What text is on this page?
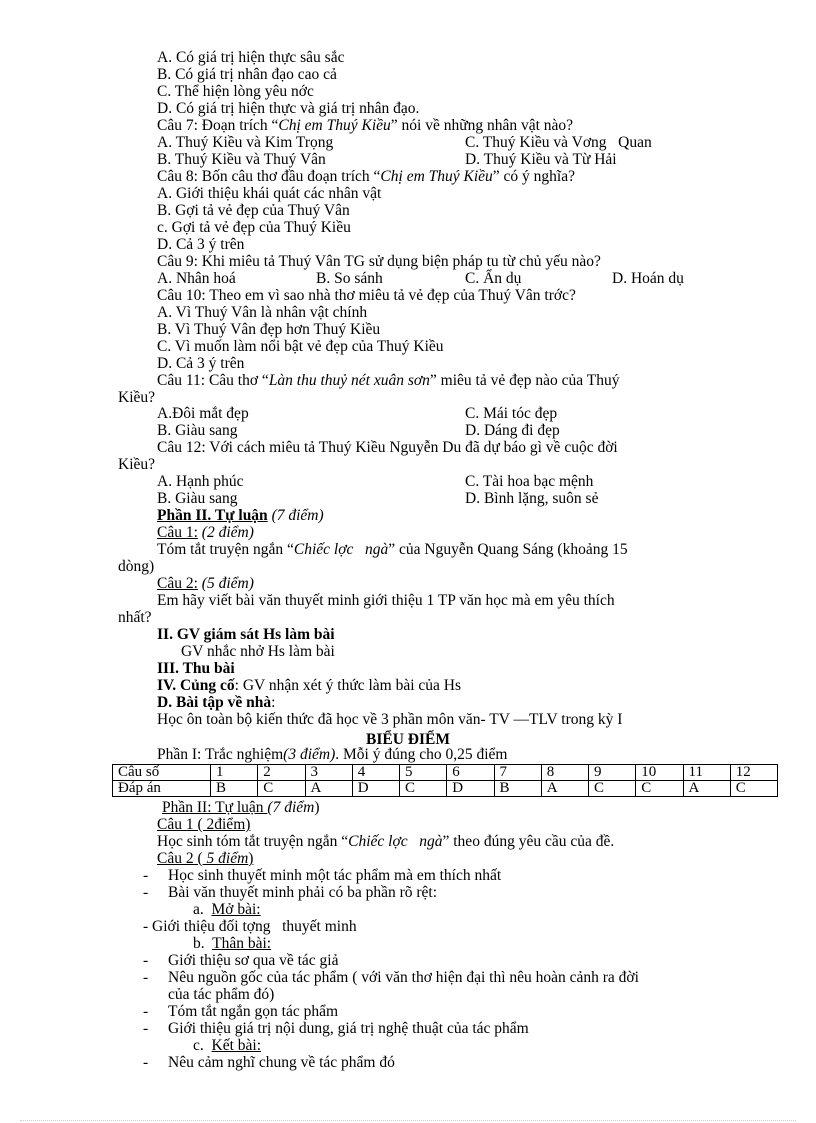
A. Có giá trị hiện thực sâu sắc
B. Có giá trị nhân đạo cao cả
C. Thể hiện lòng yêu nớc
D. Có giá trị hiện thực và giá trị nhân đạo.
Câu 7: Đoạn trích “Chị em Thuý Kiều” nói về những nhân vật nào?
A. Thuý Kiều và Kim Trọng	C. Thuý Kiều và Vơng   Quan
B. Thuý Kiều và Thuý Vân	D. Thuý Kiều và Từ Hải
Câu 8: Bốn câu thơ đầu đoạn trích “Chị em Thuý Kiều” có ý nghĩa?
A. Giới thiệu khái quát các nhân vật
B. Gợi tả vẻ đẹp của Thuý Vân
c. Gợi tả vẻ đẹp của Thuý Kiều
D. Cả 3 ý trên
Câu 9: Khi miêu tả Thuý Vân TG sử dụng biện pháp tu từ chủ yếu nào?
A. Nhân hoá	B. So sánh	C. Ẩn dụ	D. Hoán dụ
Câu 10: Theo em vì sao nhà thơ miêu tả vẻ đẹp của Thuý Vân trớc?
A. Vì Thuý Vân là nhân vật chính
B. Vì Thuý Vân đẹp hơn Thuý Kiều
C. Vì muốn làm nổi bật vẻ đẹp của Thuý Kiều
D. Cả 3 ý trên
Câu 11: Câu thơ “Làn thu thuỷ nét xuân sơn” miêu tả vẻ đẹp nào của Thuý
Kiều?
A.Đôi mắt đẹp	C. Mái tóc đẹp
B. Giàu sang	D. Dáng đi đẹp
Câu 12: Với cách miêu tả Thuý Kiều Nguyễn Du đã dự báo gì về cuộc đời
Kiều?
A. Hạnh phúc	C. Tài hoa bạc mệnh
B. Giàu sang	D. Bình lặng, suôn sẻ
Phần II. Tự luận (7 điểm)
Câu 1: (2 điểm)
Tóm tắt truyện ngắn “Chiếc lợc   ngà” của Nguyễn Quang Sáng (khoảng 15
dòng)
Câu 2: (5 điểm)
Em hãy viết bài văn thuyết minh giới thiệu 1 TP văn học mà em yêu thích
nhất?
II. GV giám sát Hs làm bài
GV nhắc nhở Hs làm bài
III. Thu bài
IV. Củng cố: GV nhận xét ý thức làm bài của Hs
D. Bài tập về nhà:
Học ôn toàn bộ kiến thức đã học về 3 phần môn văn- TV —TLV trong kỳ I
BIỂU ĐIỂM
Phần I: Trắc nghiệm(3 điểm). Mỗi ý đúng cho 0,25 điểm
Câu số	1	2	3	4	5	6	7	8	9	10	11	12
Đáp án	B	C	A	D	C	D	B	A	C	C	A	C
Phần II: Tự luận (7 điểm)
Câu 1 ( 2điểm)
Học sinh tóm tắt truyện ngắn “Chiếc lợc   ngà” theo đúng yêu cầu của đề.
Câu 2 ( 5 điểm)
- Học sinh thuyết minh một tác phẩm mà em thích nhất
- Bài văn thuyết minh phải có ba phần rõ rệt:
a.  Mở bài:
- Giới thiệu đối tợng   thuyết minh
b.  Thân bài:
- Giới thiệu sơ qua về tác giả
- Nêu nguồn gốc của tác phẩm ( với văn thơ hiện đại thì nêu hoàn cảnh ra đời
của tác phẩm đó)
- Tóm tắt ngắn gọn tác phẩm
- Giới thiệu giá trị nội dung, giá trị nghệ thuật của tác phẩm
c.  Kết bài:
- Nêu cảm nghĩ chung về tác phẩm đó
